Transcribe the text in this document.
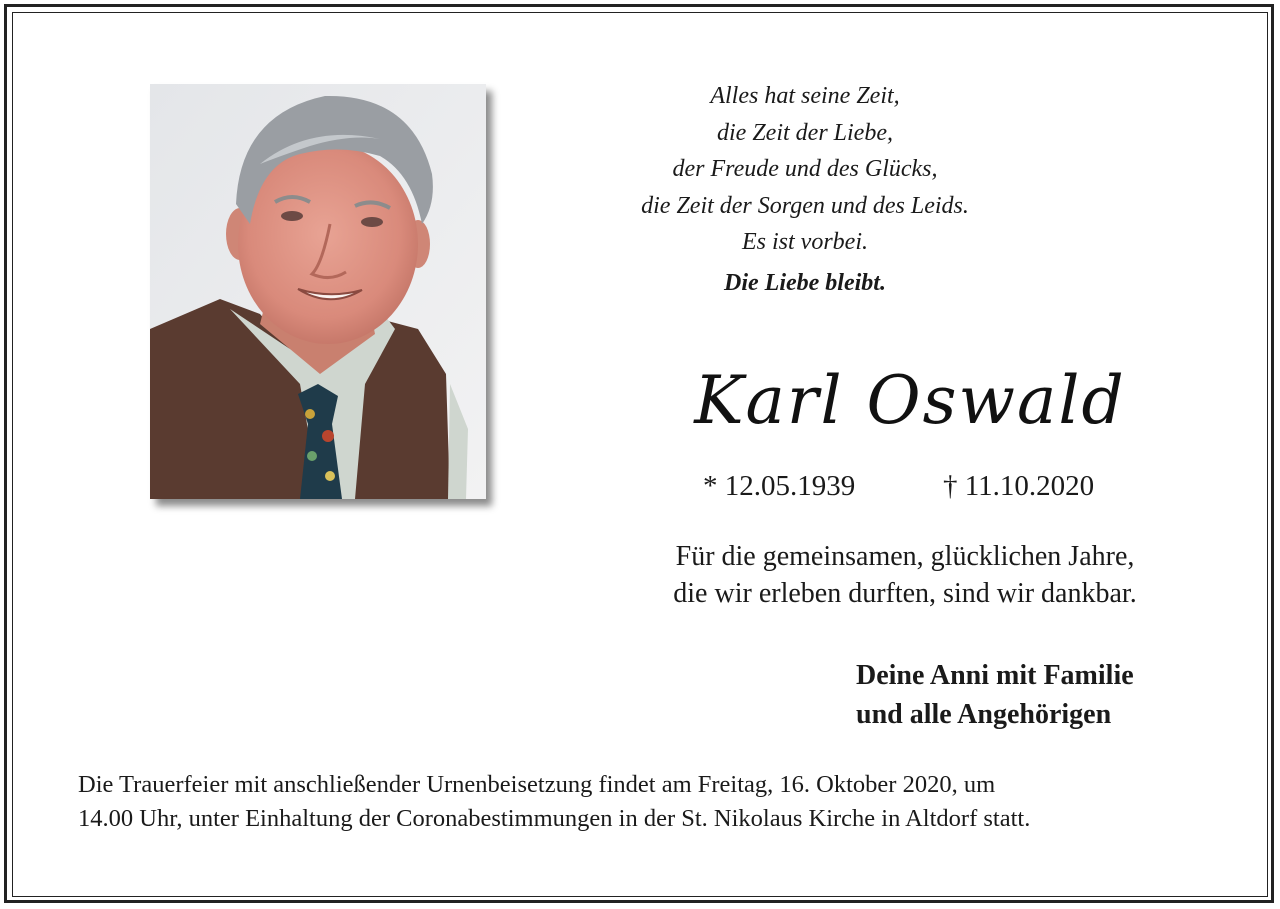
Alles hat seine Zeit,
die Zeit der Liebe,
der Freude und des Glücks,
die Zeit der Sorgen und des Leids.
Es ist vorbei.
Die Liebe bleibt.
Karl Oswald
* 12.05.1939	† 11.10.2020
Für die gemeinsamen, glücklichen Jahre,
die wir erleben durften, sind wir dankbar.
Deine Anni mit Familie
und alle Angehörigen
Die Trauerfeier mit anschließender Urnenbeisetzung findet am Freitag, 16. Oktober 2020, um
14.00 Uhr, unter Einhaltung der Coronabestimmungen in der St. Nikolaus Kirche in Altdorf statt.
